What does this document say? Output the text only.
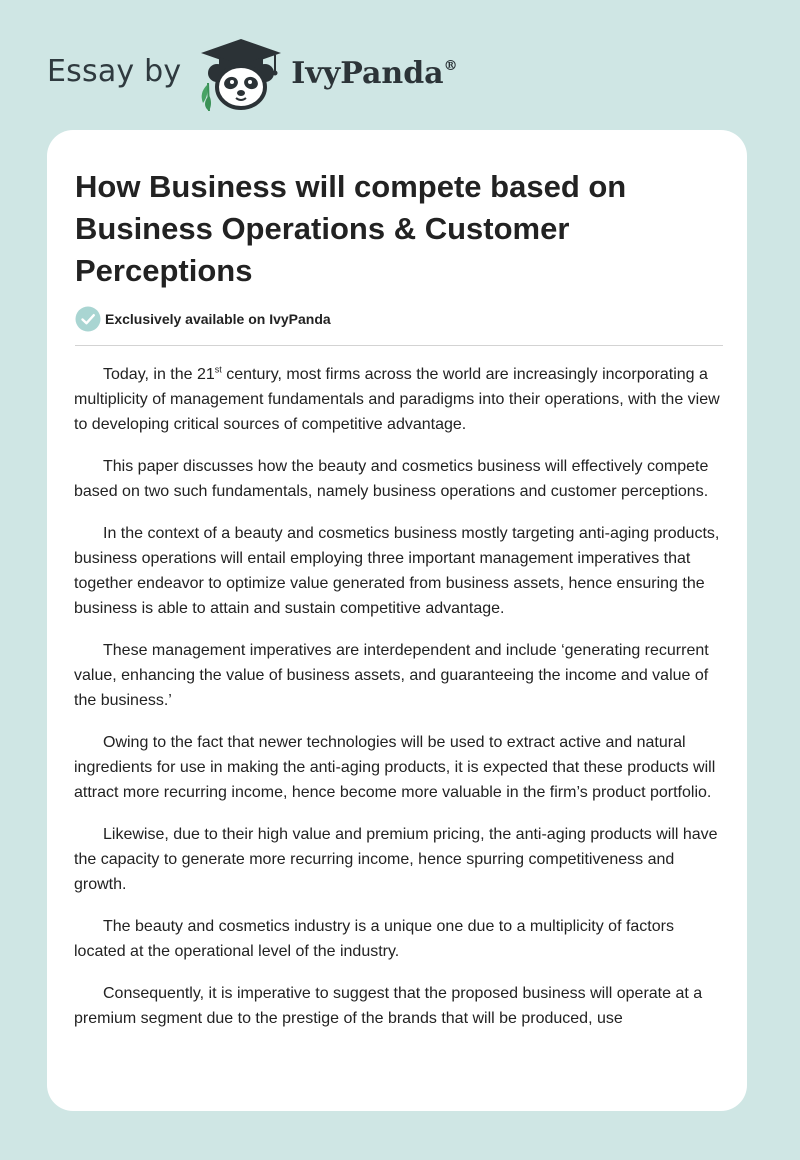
Essay by	IvyPanda®
How Business will compete based on Business Operations & Customer Perceptions
Exclusively available on IvyPanda

Today, in the 21st century, most firms across the world are increasingly incorporating a multiplicity of management fundamentals and paradigms into their operations, with the view to developing critical sources of competitive advantage.

This paper discusses how the beauty and cosmetics business will effectively compete based on two such fundamentals, namely business operations and customer perceptions.

In the context of a beauty and cosmetics business mostly targeting anti-aging products, business operations will entail employing three important management imperatives that together endeavor to optimize value generated from business assets, hence ensuring the business is able to attain and sustain competitive advantage.

These management imperatives are interdependent and include ‘generating recurrent value, enhancing the value of business assets, and guaranteeing the income and value of the business.’

Owing to the fact that newer technologies will be used to extract active and natural ingredients for use in making the anti-aging products, it is expected that these products will attract more recurring income, hence become more valuable in the firm’s product portfolio.

Likewise, due to their high value and premium pricing, the anti-aging products will have the capacity to generate more recurring income, hence spurring competitiveness and growth.

The beauty and cosmetics industry is a unique one due to a multiplicity of factors located at the operational level of the industry.

Consequently, it is imperative to suggest that the proposed business will operate at a premium segment due to the prestige of the brands that will be produced, use
